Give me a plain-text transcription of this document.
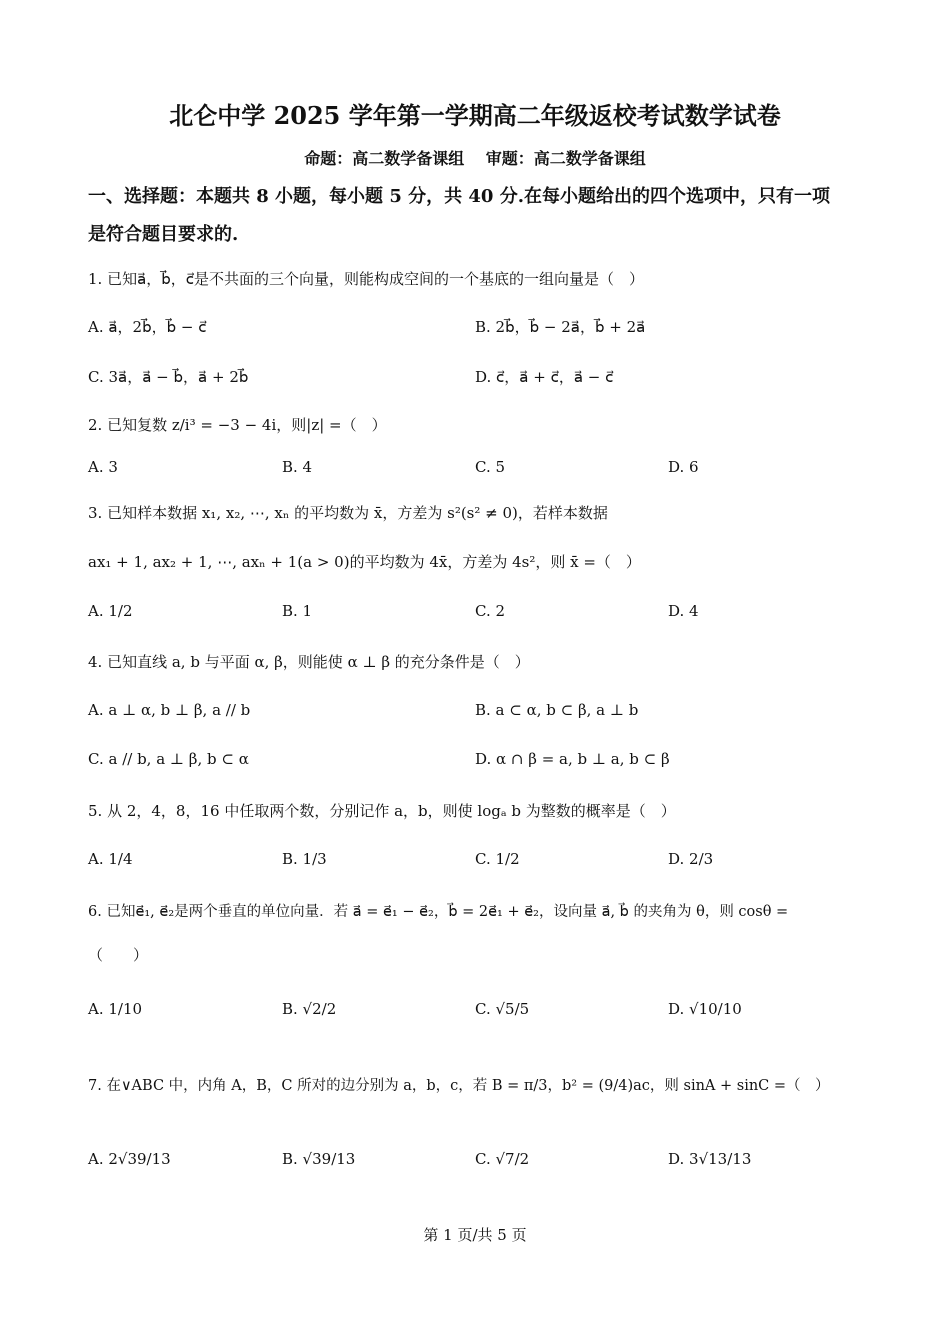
北仑中学 2025 学年第一学期高二年级返校考试数学试卷
命题：高二数学备课组　 审题：高二数学备课组
一、选择题：本题共 8 小题，每小题 5 分，共 40 分.在每小题给出的四个选项中，只有一项
是符合题目要求的.
1. 已知a⃗，b⃗，c⃗是不共面的三个向量，则能构成空间的一个基底的一组向量是（　）
A. a⃗，2b⃗，b⃗ − c⃗	B. 2b⃗，b⃗ − 2a⃗，b⃗ + 2a⃗
C. 3a⃗，a⃗ − b⃗，a⃗ + 2b⃗	D. c⃗，a⃗ + c⃗，a⃗ − c⃗
2. 已知复数 z/i³ = −3 − 4i，则|z| =（　）
A. 3	B. 4	C. 5	D. 6
3. 已知样本数据 x₁, x₂, ⋯, xₙ 的平均数为 x̄，方差为 s²(s² ≠ 0)，若样本数据
ax₁ + 1, ax₂ + 1, ⋯, axₙ + 1(a > 0)的平均数为 4x̄，方差为 4s²，则 x̄ =（　）
A. 1/2	B. 1	C. 2	D. 4
4. 已知直线 a, b 与平面 α, β，则能使 α ⊥ β 的充分条件是（　）
A. a ⊥ α, b ⊥ β, a // b	B. a ⊂ α, b ⊂ β, a ⊥ b
C. a // b, a ⊥ β, b ⊂ α	D. α ∩ β = a, b ⊥ a, b ⊂ β
5. 从 2，4，8，16 中任取两个数，分别记作 a，b，则使 logₐ b 为整数的概率是（　）
A. 1/4	B. 1/3	C. 1/2	D. 2/3
6. 已知e⃗₁, e⃗₂是两个垂直的单位向量．若 a⃗ = e⃗₁ − e⃗₂，b⃗ = 2e⃗₁ + e⃗₂，设向量 a⃗, b⃗ 的夹角为 θ，则 cosθ =
（　　）
A. 1/10	B. √2/2	C. √5/5	D. √10/10
7. 在∨ABC 中，内角 A，B，C 所对的边分别为 a，b，c，若 B = π/3，b² = (9/4)ac，则 sinA + sinC =（　）
A. 2√39/13	B. √39/13	C. √7/2	D. 3√13/13
第 1 页/共 5 页
